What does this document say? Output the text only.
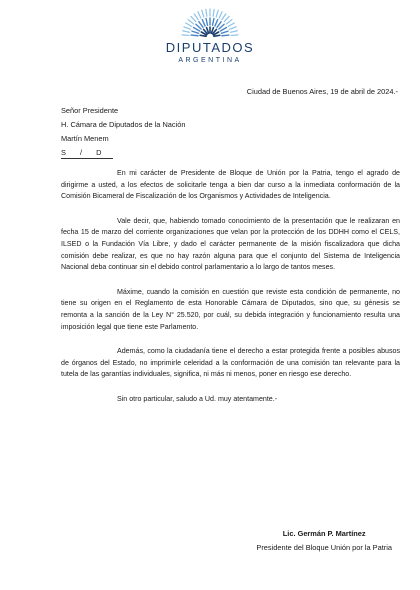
DIPUTADOS
ARGENTINA
Ciudad de Buenos Aires, 19 de abril de 2024.-
Señor Presidente
H. Cámara de Diputados de la Nación
Martín Menem
S / D

En mi carácter de Presidente de Bloque de Unión por la Patria, tengo el agrado de dirigirme a usted, a los efectos de solicitarle tenga a bien dar curso a la inmediata conformación de la Comisión Bicameral de Fiscalización de los Organismos y Actividades de Inteligencia.

Vale decir, que, habiendo tomado conocimiento de la presentación que le realizaran en fecha 15 de marzo del corriente organizaciones que velan por la protección de los DDHH como el CELS, ILSED o la Fundación Vía Libre, y dado el carácter permanente de la misión fiscalizadora que dicha comisión debe realizar, es que no hay razón alguna para que el conjunto del Sistema de Inteligencia Nacional deba continuar sin el debido control parlamentario a lo largo de tantos meses.

Máxime, cuando la comisión en cuestión que reviste esta condición de permanente, no tiene su origen en el Reglamento de esta Honorable Cámara de Diputados, sino que, su génesis se remonta a la sanción de la Ley N° 25.520, por cuál, su debida integración y funcionamiento resulta una imposición legal que tiene este Parlamento.

Además, como la ciudadanía tiene el derecho a estar protegida frente a posibles abusos de órganos del Estado, no imprimirle celeridad a la conformación de una comisión tan relevante para la tutela de las garantías individuales, significa, ni más ni menos, poner en riesgo ese derecho.

Sin otro particular, saludo a Ud. muy atentamente.-

Lic. Germán P. Martínez
Presidente del Bloque Unión por la Patria
